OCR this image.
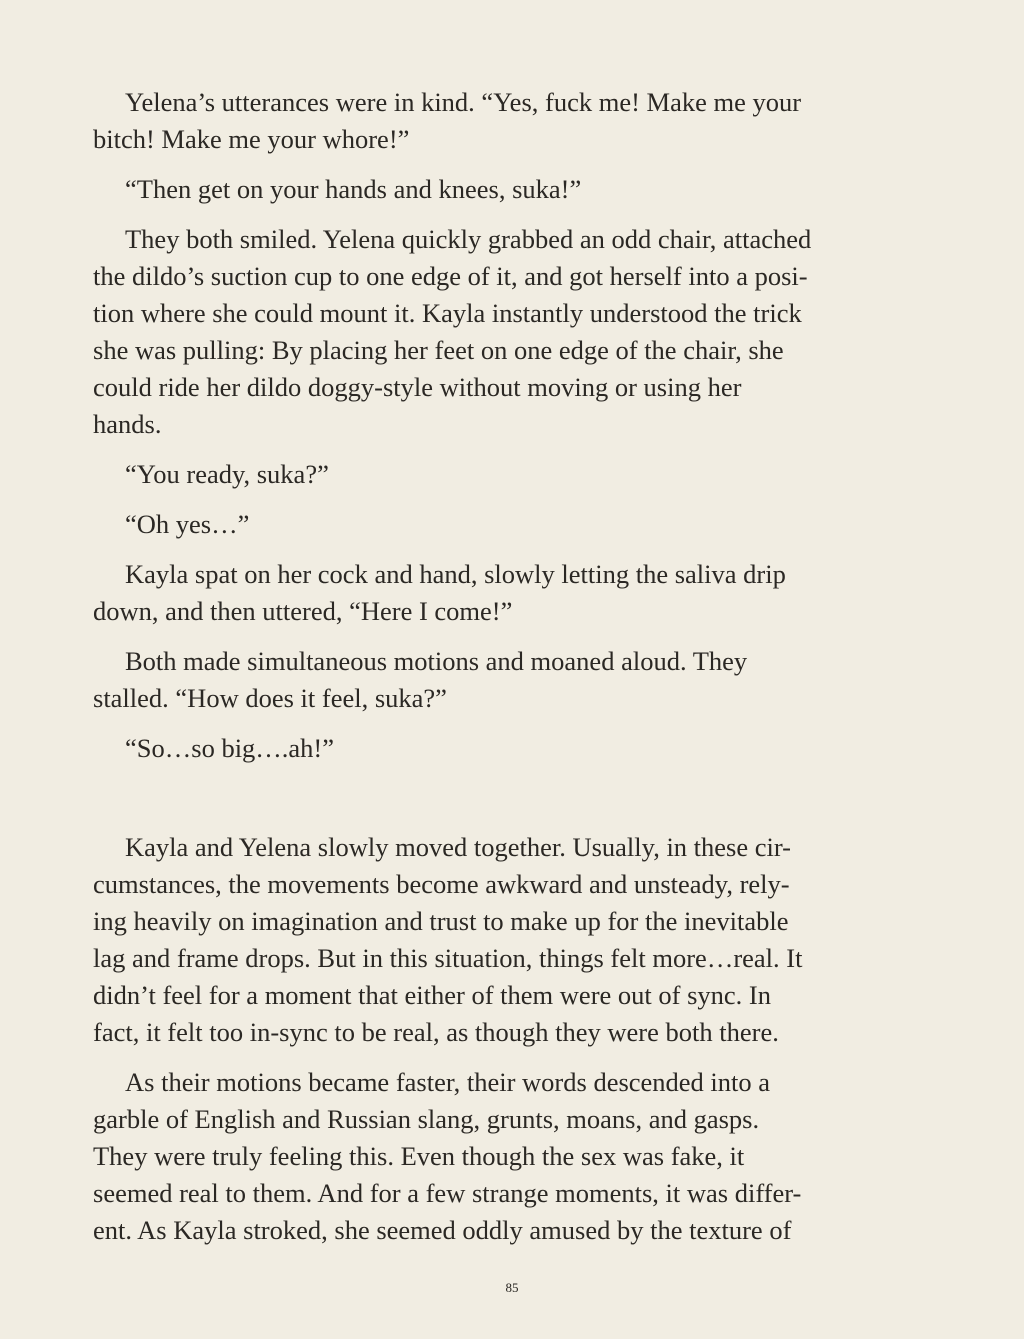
Yelena’s utterances were in kind. “Yes, fuck me! Make me your
bitch! Make me your whore!”
“Then get on your hands and knees, suka!”
They both smiled. Yelena quickly grabbed an odd chair, attached
the dildo’s suction cup to one edge of it, and got herself into a posi-
tion where she could mount it. Kayla instantly understood the trick
she was pulling: By placing her feet on one edge of the chair, she
could ride her dildo doggy-style without moving or using her
hands.
“You ready, suka?”
“Oh yes…”
Kayla spat on her cock and hand, slowly letting the saliva drip
down, and then uttered, “Here I come!”
Both made simultaneous motions and moaned aloud. They
stalled. “How does it feel, suka?”
“So…so big….ah!”
Kayla and Yelena slowly moved together. Usually, in these cir-
cumstances, the movements become awkward and unsteady, rely-
ing heavily on imagination and trust to make up for the inevitable
lag and frame drops. But in this situation, things felt more…real. It
didn’t feel for a moment that either of them were out of sync. In
fact, it felt too in-sync to be real, as though they were both there.
As their motions became faster, their words descended into a
garble of English and Russian slang, grunts, moans, and gasps.
They were truly feeling this. Even though the sex was fake, it
seemed real to them. And for a few strange moments, it was differ-
ent. As Kayla stroked, she seemed oddly amused by the texture of
85
